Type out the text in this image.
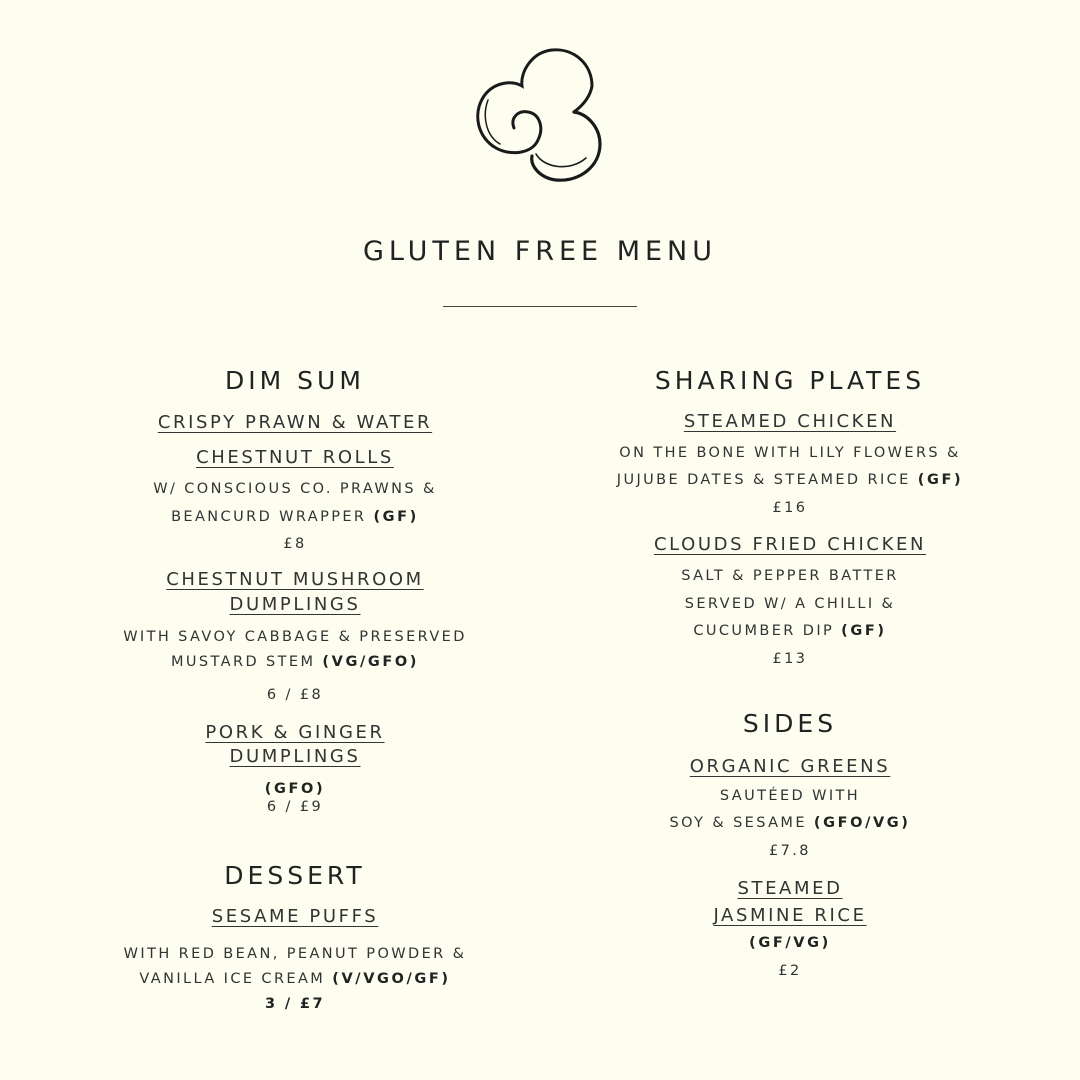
GLUTEN FREE MENU
DIM SUM
CRISPY PRAWN & WATER
CHESTNUT ROLLS
W/ CONSCIOUS CO. PRAWNS &
BEANCURD WRAPPER (GF)
£8
CHESTNUT MUSHROOM
DUMPLINGS
WITH SAVOY CABBAGE & PRESERVED
MUSTARD STEM (VG/GFO)
6 / £8
PORK & GINGER
DUMPLINGS
(GFO)
6 / £9
DESSERT
SESAME PUFFS
WITH RED BEAN, PEANUT POWDER &
VANILLA ICE CREAM (V/VGO/GF)
3 / £7
SHARING PLATES
STEAMED CHICKEN
ON THE BONE WITH LILY FLOWERS &
JUJUBE DATES & STEAMED RICE (GF)
£16
CLOUDS FRIED CHICKEN
SALT & PEPPER BATTER
SERVED W/ A CHILLI &
CUCUMBER DIP (GF)
£13
SIDES
ORGANIC GREENS
SAUTÉED WITH
SOY & SESAME (GFO/VG)
£7.8
STEAMED
JASMINE RICE
(GF/VG)
£2
